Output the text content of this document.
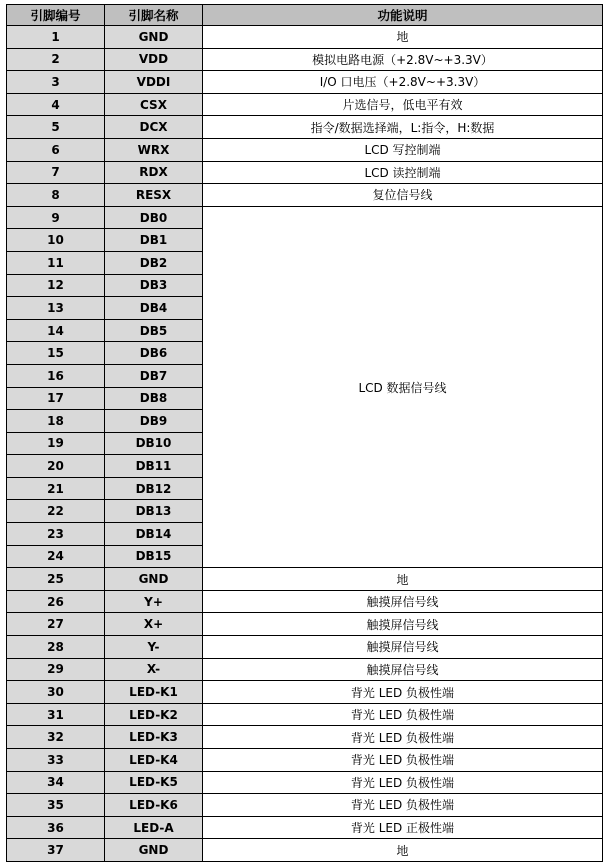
引脚编号	引脚名称	功能说明
1	GND	地
2	VDD	模拟电路电源（+2.8V~+3.3V）
3	VDDI	I/O 口电压（+2.8V~+3.3V）
4	CSX	片选信号，低电平有效
5	DCX	指令/数据选择端，L:指令，H:数据
6	WRX	LCD 写控制端
7	RDX	LCD 读控制端
8	RESX	复位信号线
9	DB0	LCD 数据信号线
10	DB1	
11	DB2	
12	DB3	
13	DB4	
14	DB5	
15	DB6	
16	DB7	
17	DB8	
18	DB9	
19	DB10	
20	DB11	
21	DB12	
22	DB13	
23	DB14	
24	DB15	
25	GND	地
26	Y+	触摸屏信号线
27	X+	触摸屏信号线
28	Y-	触摸屏信号线
29	X-	触摸屏信号线
30	LED-K1	背光 LED 负极性端
31	LED-K2	背光 LED 负极性端
32	LED-K3	背光 LED 负极性端
33	LED-K4	背光 LED 负极性端
34	LED-K5	背光 LED 负极性端
35	LED-K6	背光 LED 负极性端
36	LED-A	背光 LED 正极性端
37	GND	地
